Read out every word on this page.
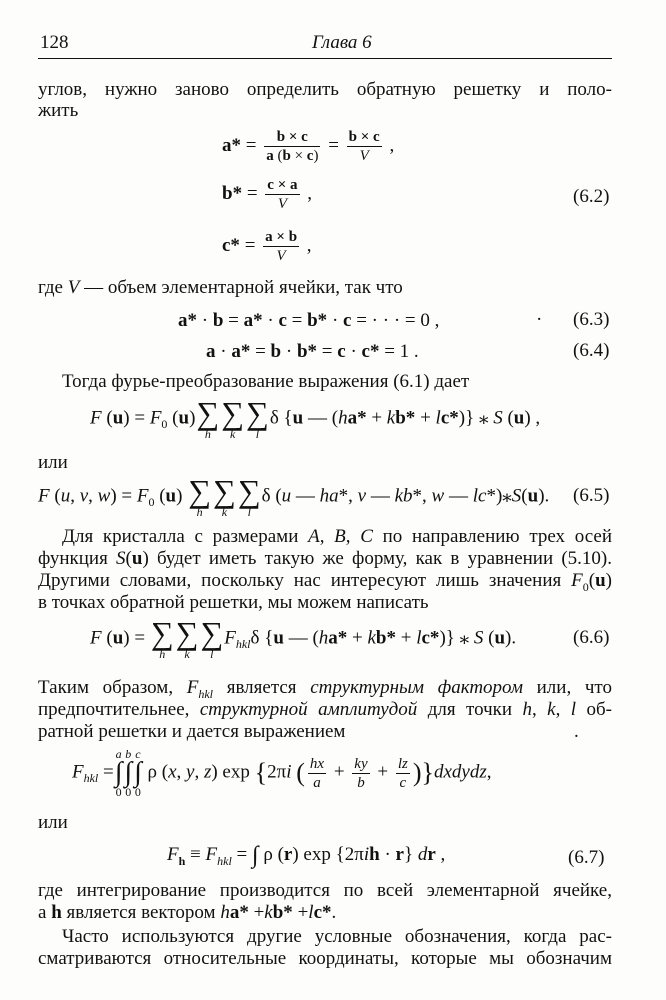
128	Глава 6
углов, нужно заново определить обратную решетку и поло-
жить
$a* = \frac{b \times c}{a (b \times c)} = \frac{b \times c}{V}$ ,
$b* = \frac{c \times a}{V}$ ,	(6.2)
$c* = \frac{a \times b}{V}$ ,
где V — объем элементарной ячейки, так что
a* · b = a* · c = b* · c = · · · = 0 ,	· (6.3)
a · a* = b · b* = c · c* = 1 .	(6.4)
Тогда фурье-преобразование выражения (6.1) дает
F $(u) = F_0$ (u) ∑
h
∑
k
∑
l
δ {u — (ha* + kb* + lc*)} ⁎ S (u) ,
или
F (u, v, $w) = F_0$ (u) ∑
h
∑
k
∑
l
δ (u — ha*, v — kb*, w — lc*)⁎S(u). (6.5)
Для кристалла с размерами A, B, C по направлению трех осей
функция S(u) будет иметь такую же форму, как в уравнении (5.10).
Другими словами, поскольку нас интересуют лишь значения $F_0(u)$
в точках обратной решетки, мы можем написать
F (u) = ∑
h
∑
k
∑
l
$F_{hkl}\delta$ {u — (ha* + kb* + lc*)} ⁎ S (u).	(6.6)
Таким образом, $F_{hkl}$ является структурным фактором или, что
предпочтительнее, структурной амплитудой для точки h, k, l об-
ратной решетки и дается выражением	.
$F_{hkl}$ =
a
∫
0
b
∫
0
c
∫
0
ρ (x, y, z) exp {2πi ( $\frac{hx}{a} + \frac{ky}{b} + \frac{lz}{c}$ )}dxdydz,
или
$F_h \equiv F_{hkl}$ = ∫ ρ (r) exp {2πih · r} dr ,	(6.7)
где интегрирование производится по всей элементарной ячейке,
а h является вектором ha* +kb* +lc*.
Часто используются другие условные обозначения, когда рас-
сматриваются относительные координаты, которые мы обозначим
